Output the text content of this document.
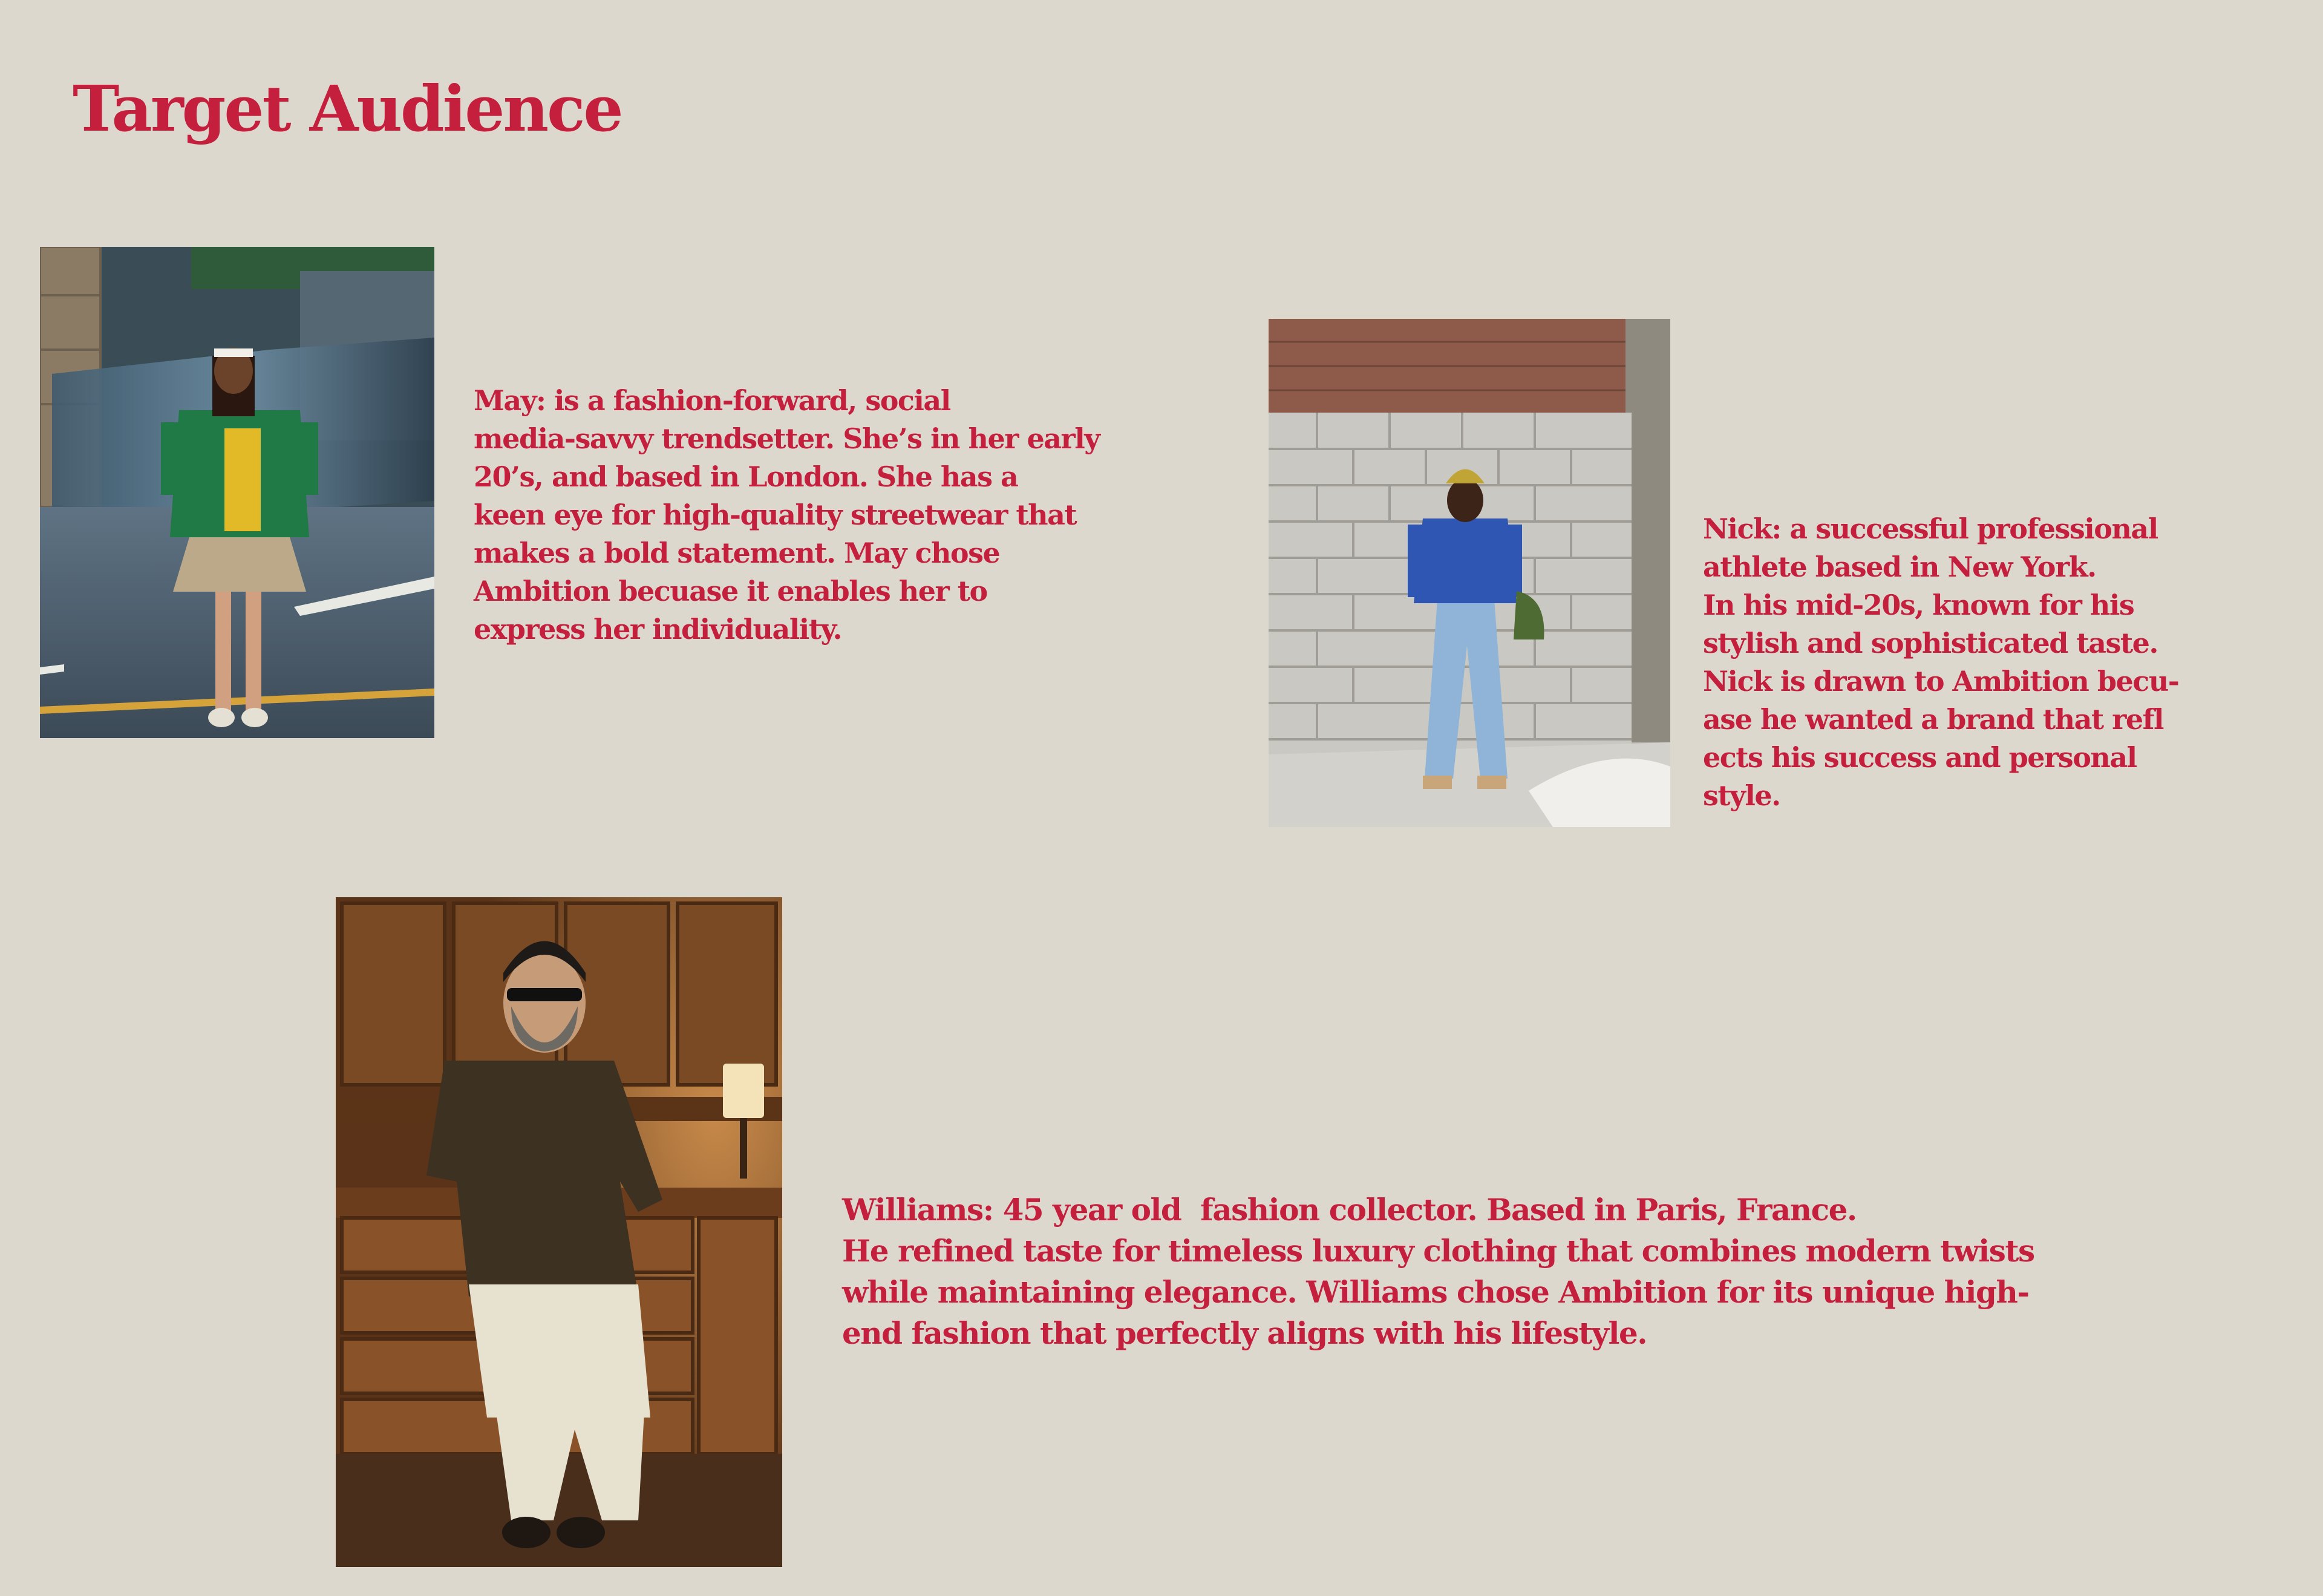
Target Audience

May: is a fashion-forward, social
media-savvy trendsetter. She’s in her early
20’s, and based in London. She has a
keen eye for high-quality streetwear that
makes a bold statement. May chose
Ambition becuase it enables her to
express her individuality.

Nick: a successful professional
athlete based in New York.
In his mid-20s, known for his
stylish and sophisticated taste.
Nick is drawn to Ambition becu-
ase he wanted a brand that refl
ects his success and personal
style.

Williams: 45 year old  fashion collector. Based in Paris, France.
He refined taste for timeless luxury clothing that combines modern twists
while maintaining elegance. Williams chose Ambition for its unique high-
end fashion that perfectly aligns with his lifestyle.
